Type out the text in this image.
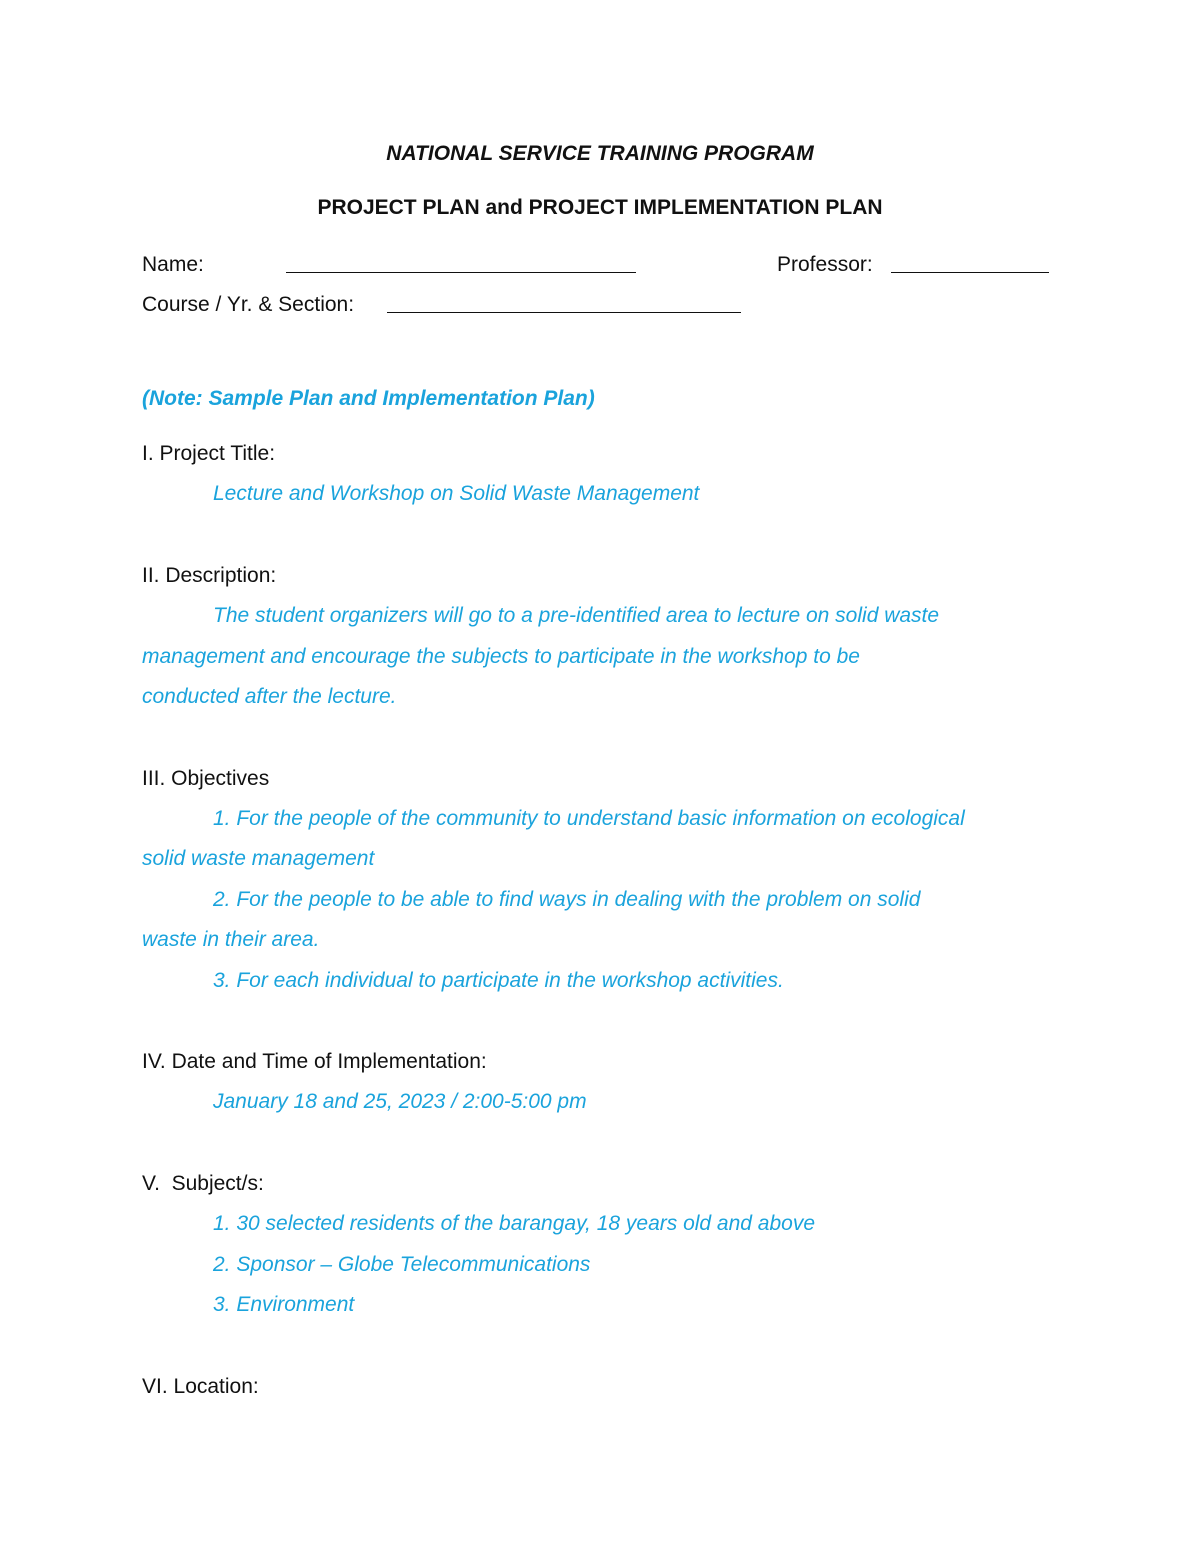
NATIONAL SERVICE TRAINING PROGRAM
PROJECT PLAN and PROJECT IMPLEMENTATION PLAN
Name:	Professor:
Course / Yr. & Section:
(Note: Sample Plan and Implementation Plan)
I. Project Title:
Lecture and Workshop on Solid Waste Management
II. Description:
The student organizers will go to a pre-identified area to lecture on solid waste
management and encourage the subjects to participate in the workshop to be
conducted after the lecture.
III. Objectives
1. For the people of the community to understand basic information on ecological
solid waste management
2. For the people to be able to find ways in dealing with the problem on solid
waste in their area.
3. For each individual to participate in the workshop activities.
IV. Date and Time of Implementation:
January 18 and 25, 2023 / 2:00-5:00 pm
V.  Subject/s:
1. 30 selected residents of the barangay, 18 years old and above
2. Sponsor – Globe Telecommunications
3. Environment
VI. Location:
